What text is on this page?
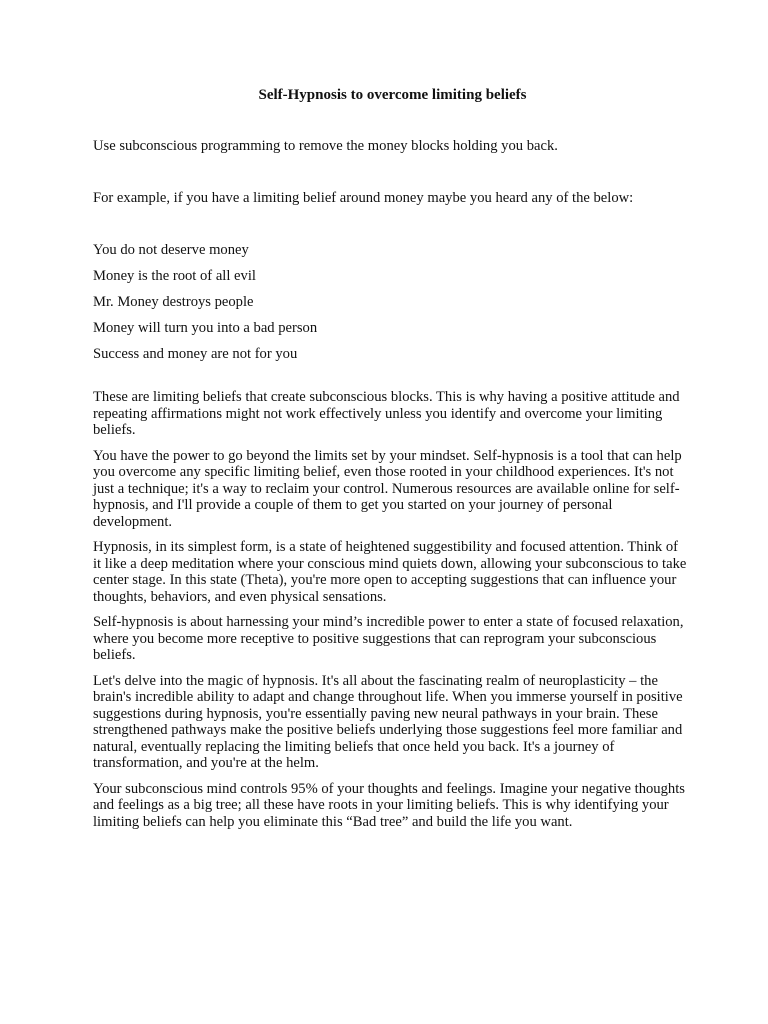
Self-Hypnosis to overcome limiting beliefs

Use subconscious programming to remove the money blocks holding you back.

For example, if you have a limiting belief around money maybe you heard any of the below:

You do not deserve money

Money is the root of all evil

Mr. Money destroys people

Money will turn you into a bad person

Success and money are not for you

These are limiting beliefs that create subconscious blocks. This is why having a positive attitude and repeating affirmations might not work effectively unless you identify and overcome your limiting beliefs.

You have the power to go beyond the limits set by your mindset. Self-hypnosis is a tool that can help you overcome any specific limiting belief, even those rooted in your childhood experiences. It's not just a technique; it's a way to reclaim your control. Numerous resources are available online for self-hypnosis, and I'll provide a couple of them to get you started on your journey of personal development.

Hypnosis, in its simplest form, is a state of heightened suggestibility and focused attention. Think of it like a deep meditation where your conscious mind quiets down, allowing your subconscious to take center stage. In this state (Theta), you're more open to accepting suggestions that can influence your thoughts, behaviors, and even physical sensations.

Self-hypnosis is about harnessing your mind’s incredible power to enter a state of focused relaxation, where you become more receptive to positive suggestions that can reprogram your subconscious beliefs.

Let's delve into the magic of hypnosis. It's all about the fascinating realm of neuroplasticity – the brain's incredible ability to adapt and change throughout life. When you immerse yourself in positive suggestions during hypnosis, you're essentially paving new neural pathways in your brain. These strengthened pathways make the positive beliefs underlying those suggestions feel more familiar and natural, eventually replacing the limiting beliefs that once held you back. It's a journey of transformation, and you're at the helm.

Your subconscious mind controls 95% of your thoughts and feelings. Imagine your negative thoughts and feelings as a big tree; all these have roots in your limiting beliefs. This is why identifying your limiting beliefs can help you eliminate this “Bad tree” and build the life you want.
